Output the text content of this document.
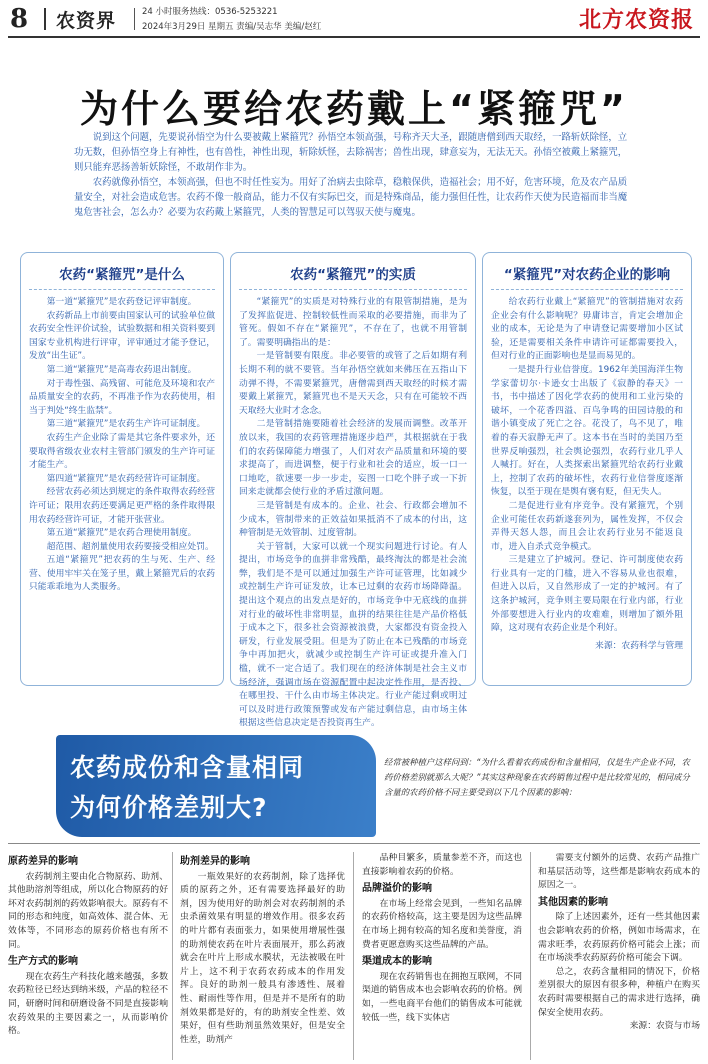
8 农资界	24 小时服务热线：0536-5253221
2024年3月29日 星期五 责编/吴志华 美编/赵红	北方农资报
为什么要给农药戴上“紧箍咒”

说到这个问题，先要说孙悟空为什么要被戴上紧箍咒？孙悟空本领高强，号称齐天大圣，跟随唐僧到西天取经，一路斩妖除怪，立功无数，但孙悟空身上有神性，也有兽性，神性出现，斩除妖怪，去除祸害；兽性出现，肆意妄为，无法无天。孙悟空被戴上紧箍咒，则只能弃恶扬善斩妖除怪，不敢胡作非为。

农药就像孙悟空，本领高强，但也不时任性妄为。用好了治病去虫除草，稳粮保供，造福社会；用不好，危害环境，危及农产品质量安全，对社会造成危害。农药不像一般商品，能力不仅有实际巴交，而是特殊商品，能力强但任性，让农药作天使为民造福而非当魔鬼危害社会，怎么办？必要为农药戴上紧箍咒，人类的智慧足可以驾驭天使与魔鬼。

农药“紧箍咒”是什么

第一道“紧箍咒”是农药登记评审制度。

农药新品上市前要由国家认可的试验单位做农药安全性评价试验，试验数据和相关资料要到国家专业机构进行评审，评审通过才能予登记，发放“出生证”。

第二道“紧箍咒”是高毒农药退出制度。

对于毒性强、高残留、可能危及环境和农产品质量安全的农药，不再准予作为农药使用，相当于判处“终生监禁”。

第三道“紧箍咒”是农药生产许可证制度。

农药生产企业除了需是其它条件要求外，还要取得省级农业农村主管部门颁发的生产许可证才能生产。

第四道“紧箍咒”是农药经营许可证制度。

经营农药必须达到规定的条件取得农药经营许可证；限用农药还要满足更严格的条件取得限用农药经营许可证，才能开张营业。

第五道“紧箍咒”是农药合理使用制度。

超范围、超剂量使用农药要接受相应处罚。

五道“紧箍咒”把农药的生与死、生产、经营、使用牢牢关在笼子里，戴上紧箍咒后的农药只能乖乖地为人类服务。

农药“紧箍咒”的实质

“紧箍咒”的实质是对特殊行业的有限管制措施，是为了发挥监促进、控制较低性而采取的必要措施，而非为了管死。假如不存在“紧箍咒”，不存在了，也就不用管制了。需要明确指出的是：

一是管制要有限度。非必要管的或管了之后如期有利长期不利的就不要管。当年孙悟空就如来佛压在五指山下动弹不得，不需要紧箍咒，唐僧需到西天取经的时候才需要戴上紧箍咒，紧箍咒也不是天天念，只有在可能较不西天取经大业时才念念。

二是管制措施要随着社会经济的发展而调整。改革开放以来，我国的农药管理措施逐步趋严，其根据就在于我们的农药保障能力增强了，人们对农产品质量和环境的要求提高了，而进调整，便于行业和社会的适应，坂一口一口地吃，欲速要一步一步走，妄图一口吃个胖子或一下折回来走就都会使行业的矛盾过激问题。

三是管制是有成本的。企业、社会、行政都会增加不少成本，管制带来的正效益如果抵消不了成本的付出，这种管制是无效管制、过度管制。

关于管制，大家可以就一个现实问题进行讨论。有人提出，市场竞争的血拼非常残酷，最终淘汰的都是社会流弊，我们是不是可以通过加强生产许可证管理，比如减少或控制生产许可证发放，让本已过剩的农药市场降降温。提出这个观点的出发点是好的，市场竞争中无底线的血拼对行业的破坏性非常明显，血拼的结果往往是产品价格低于成本之下，很多社会资源被浪费，大家都没有资金投入研发，行业发展受阻。但是为了防止在本已残酷的市场竞争中再加把火，就减少或控制生产许可证或提升准入门槛，就不一定合适了。我们现在的经济体制是社会主义市场经济，强调市场在资源配置中起决定性作用，是否投、在哪里投、干什么由市场主体决定。行业产能过剩或明过可以及时进行政策预警或发布产能过剩信息，由市场主体根据这些信息决定是否投资再生产。

“紧箍咒”对农药企业的影响

给农药行业戴上“紧箍咒”的管制措施对农药企业会有什么影响呢？毋庸讳言，肯定会增加企业的成本，无论是为了申请登记需要增加小区试验，还是需要相关条件申请许可证都需要投入，但对行业的正面影响也是显而易见的。

一是提升行业信誉度。1962年美国海洋生物学家蕾切尔·卡逊女士出版了《寂静的春天》一书，书中描述了因化学农药的使用和工业污染的破坏，一个花香四溢、百鸟争鸣的田园诗般的和谐小镇变成了死亡之谷。花没了，鸟不见了，唯着的春天寂静无声了。这本书在当时的美国乃至世界反响强烈，社会舆论强烈，农药行业几乎人人喊打。好在，人类探索出紧箍咒给农药行业戴上，控制了农药的破坏性，农药行业信誉度逐渐恢复，以至于现在是舆有褒有贬，但无失人。

二是促进行业有序竞争。没有紧箍咒，个别企业可能任农药新遂套列为，属性发挥，不仅会弄得天怒人怨，而且会让农药行业另不能返良市，进入自杀式竞争模式。

三是建立了护城河。登记、许可制度使农药行业具有一定的门槛，进入不容易从业也很难，但进入以后，又自然形成了一定的护城河。有了这条护城河，竞争则主要局限在行业内部，行业外部要想进入行业内的攻难难，则增加了额外阻障，这对现有农药企业是个利好。

来源：农药科学与管理
农药成份和含量相同
为何价格差别大?
经常被种植户这样问到：“为什么看着农药成份和含量相同，仅是生产企业不同，农药价格差别就那么大呢？”其实这种现象在农药销售过程中是比较常见的，相同成分含量的农药价格不同主要受到以下几个因素的影响：
原药差异的影响

农药制剂主要由化合物原药、助剂、其他助溶剂等组成，所以化合物原药的好坏对农药制剂的药效影响很大。原药有不同的形态和纯度，如高效体、混合体、无效体等，不同形态的原药价格也有所不同。

生产方式的影响

现在农药生产科技化越来越强，多数农药粒径已经达到纳米级，产品的粒径不同，研磨时间和研磨设备不同是直接影响农药效果的主要因素之一，从而影响价格。

助剂差异的影响

一瓶效果好的农药制剂，除了选择优质的原药之外，还有需要选择最好的助剂，因为使用好的助剂会对农药制剂的杀虫杀菌效果有明显的增效作用。很多农药的叶片都有表面张力，如果使用增展性强的助剂使农药在叶片表面展开，那么药液就会在叶片上形成水膜状，无法被吸在叶片上，这不利于农药农药成本的作用发挥。良好的助剂一般具有渗透性、展着性、耐雨性等作用，但是并不是所有的助剂效果都是好的，有的助剂安全性差、效果好，但有些助剂虽然效果好，但是安全性差，助剂产

品种目繁多，质量参差不齐，而这也直接影响着农药的价格。

品牌溢价的影响

在市场上经常会见到，一些知名品牌的农药价格较高，这主要是因为这些品牌在市场上拥有较高的知名度和美誉度，消费者更愿意购买这些品牌的产品。

渠道成本的影响

现在农药销售也在拥抱互联网，不同渠道的销售成本也会影响农药的价格。例如，一些电商平台他们的销售成本可能就较低一些，线下实体店

需要支付额外的运费、农药产品推广和基层活动等，这些都是影响农药成本的原因之一。

其他因素的影响

除了上述因素外，还有一些其他因素也会影响农药的价格，例如市场需求，在需求旺季，农药原药价格可能会上涨；而在市场淡季农药原药价格可能会下调。

总之，农药含量相同的情况下，价格差别很大的原因有很多种，种植户在购买农药时需要根据自己的需求进行选择，确保安全使用农药。

来源：农资与市场
